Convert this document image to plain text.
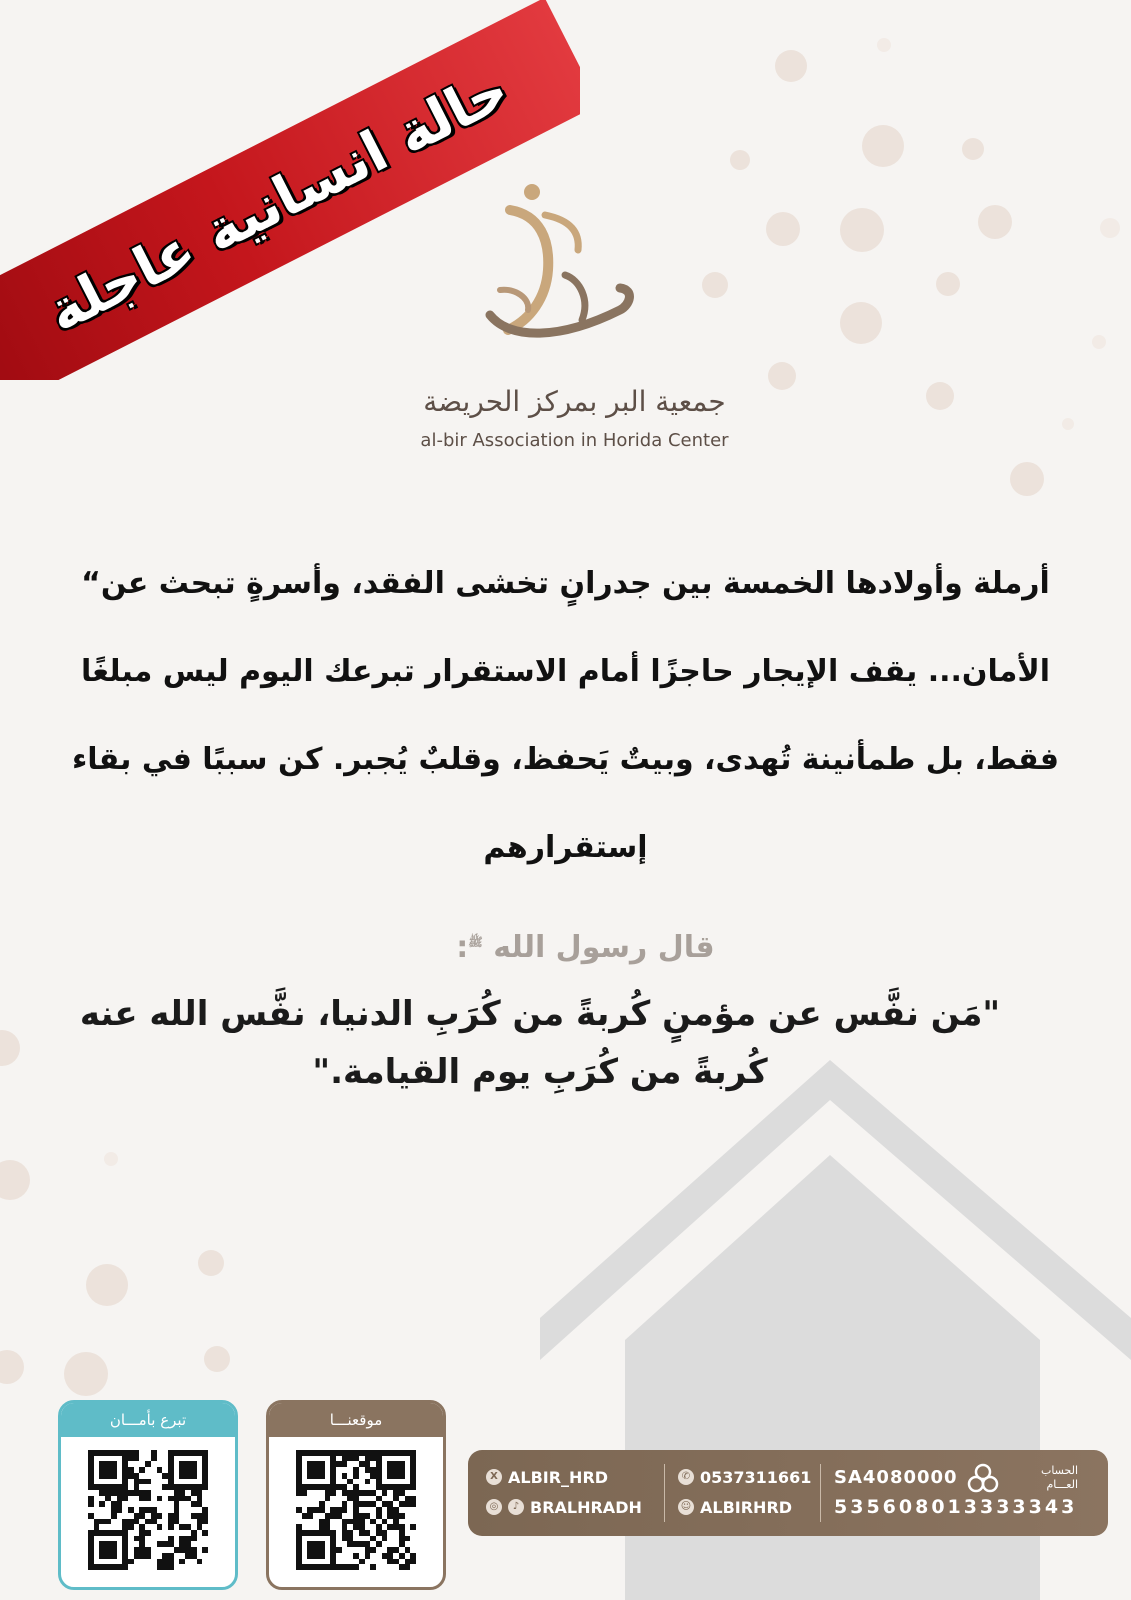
حالة انسانية عاجلة
جمعية البر بمركز الحريضة
al-bir Association in Horida Center
أرملة وأولادها الخمسة بين جدرانٍ تخشى الفقد، وأسرةٍ تبحث عن“
الأمان... يقف الإيجار حاجزًا أمام الاستقرار تبرعك اليوم ليس مبلغًا
فقط، بل طمأنينة تُهدى، وبيتٌ يَحفظ، وقلبٌ يُجبر. كن سببًا في بقاء
إستقرارهم
قال رسول الله $^ﷺ$:
"مَن نفَّس عن مؤمنٍ كُربةً من كُرَبِ الدنيا، نفَّس الله عنه
كُربةً من كُرَبِ يوم القيامة."
تبرع بأمـــان	موقعنـــا
X ALBIR_HRD
◎	♪ BRALHRADH
✆ 0537311661
☺ ALBIRHRD
SA4080000
535608013333343
الحساب
العـــام
